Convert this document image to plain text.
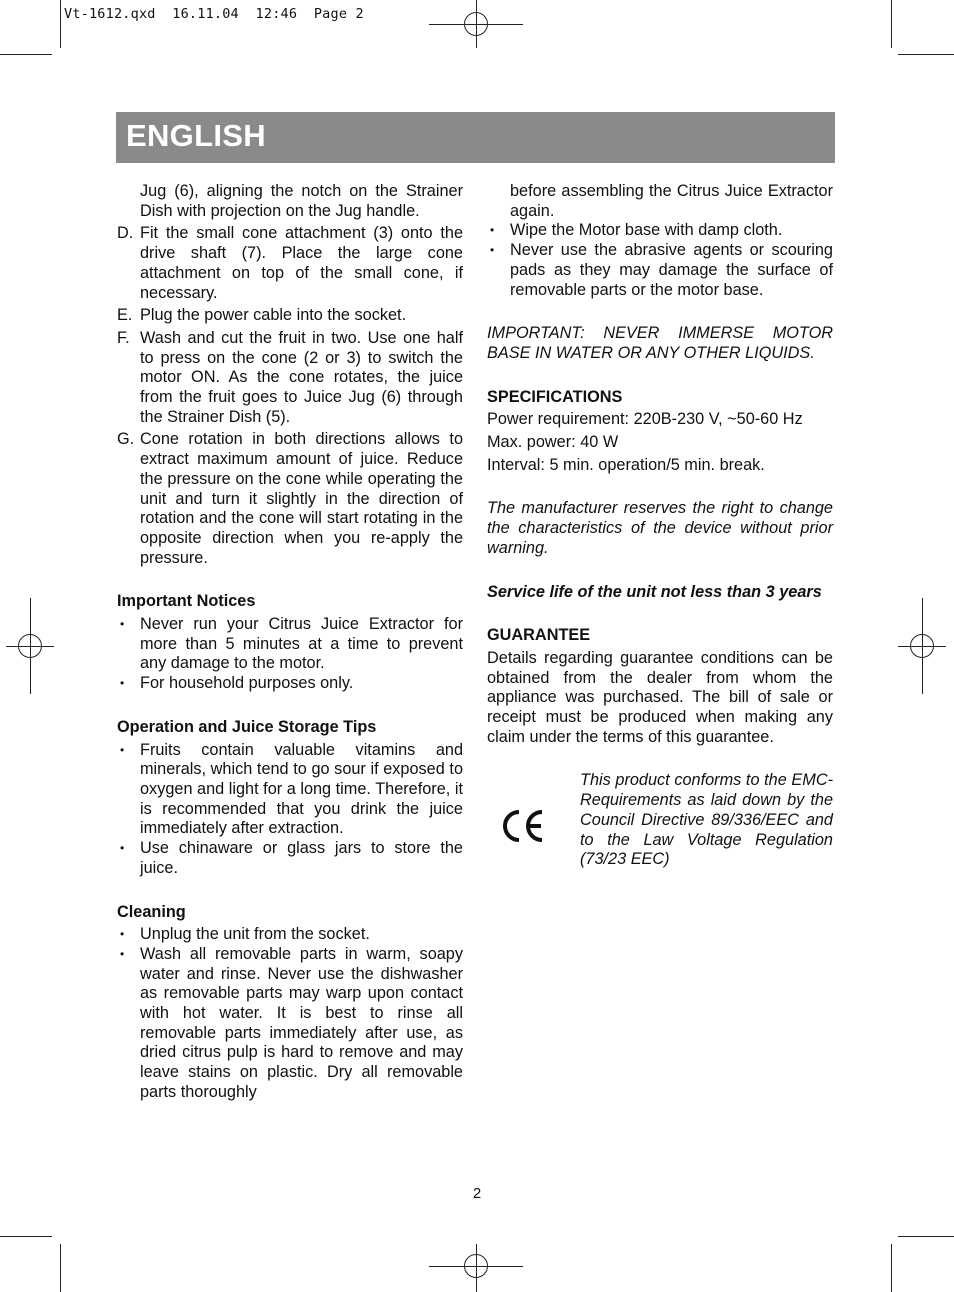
Vt-1612.qxd  16.11.04  12:46  Page 2
ENGLISH

Jug (6), aligning the notch on the Strainer Dish with projection on the Jug handle.

D. Fit the small cone attachment (3) onto the drive shaft (7). Place the large cone attachment on top of the small cone, if necessary.
E. Plug the power cable into the socket.
F. Wash and cut the fruit in two. Use one half to press on the cone (2 or 3) to switch the motor ON. As the cone rotates, the juice from the fruit goes to Juice Jug (6) through the Strainer Dish (5).
G. Cone rotation in both directions allows to extract maximum amount of juice. Reduce the pressure on the cone while operating the unit and turn it slightly in the direction of rotation and the cone will start rotating in the opposite direction when you re-apply the pressure.

Important Notices

• Never run your Citrus Juice Extractor for more than 5 minutes at a time to prevent any damage to the motor.
• For household purposes only.

Operation and Juice Storage Tips

• Fruits contain valuable vitamins and minerals, which tend to go sour if exposed to oxygen and light for a long time. Therefore, it is recommended that you drink the juice immediately after extraction.
• Use chinaware or glass jars to store the juice.

Cleaning

• Unplug the unit from the socket.
• Wash all removable parts in warm, soapy water and rinse. Never use the dishwasher as removable parts may warp upon contact with hot water. It is best to rinse all removable parts immediately after use, as dried citrus pulp is hard to remove and may leave stains on plastic. Dry all removable parts thoroughly

before assembling the Citrus Juice Extractor again.

• Wipe the Motor base with damp cloth.
• Never use the abrasive agents or scouring pads as they may damage the surface of removable parts or the motor base.

IMPORTANT: NEVER IMMERSE MOTOR BASE IN WATER OR ANY OTHER LIQUIDS.

SPECIFICATIONS

Power requirement: 220B-230 V, ~50-60 Hz

Max. power: 40 W

Interval: 5 min. operation/5 min. break.

The manufacturer reserves the right to change the characteristics of the device without prior warning.

Service life of the unit not less than 3 years

GUARANTEE

Details regarding guarantee conditions can be obtained from the dealer from whom the appliance was purchased. The bill of sale or receipt must be produced when making any claim under the terms of this guarantee.

This product conforms to the EMC-Requirements as laid down by the Council Directive 89/336/EEC and to the Law Voltage Regulation (73/23 EEC)

2
